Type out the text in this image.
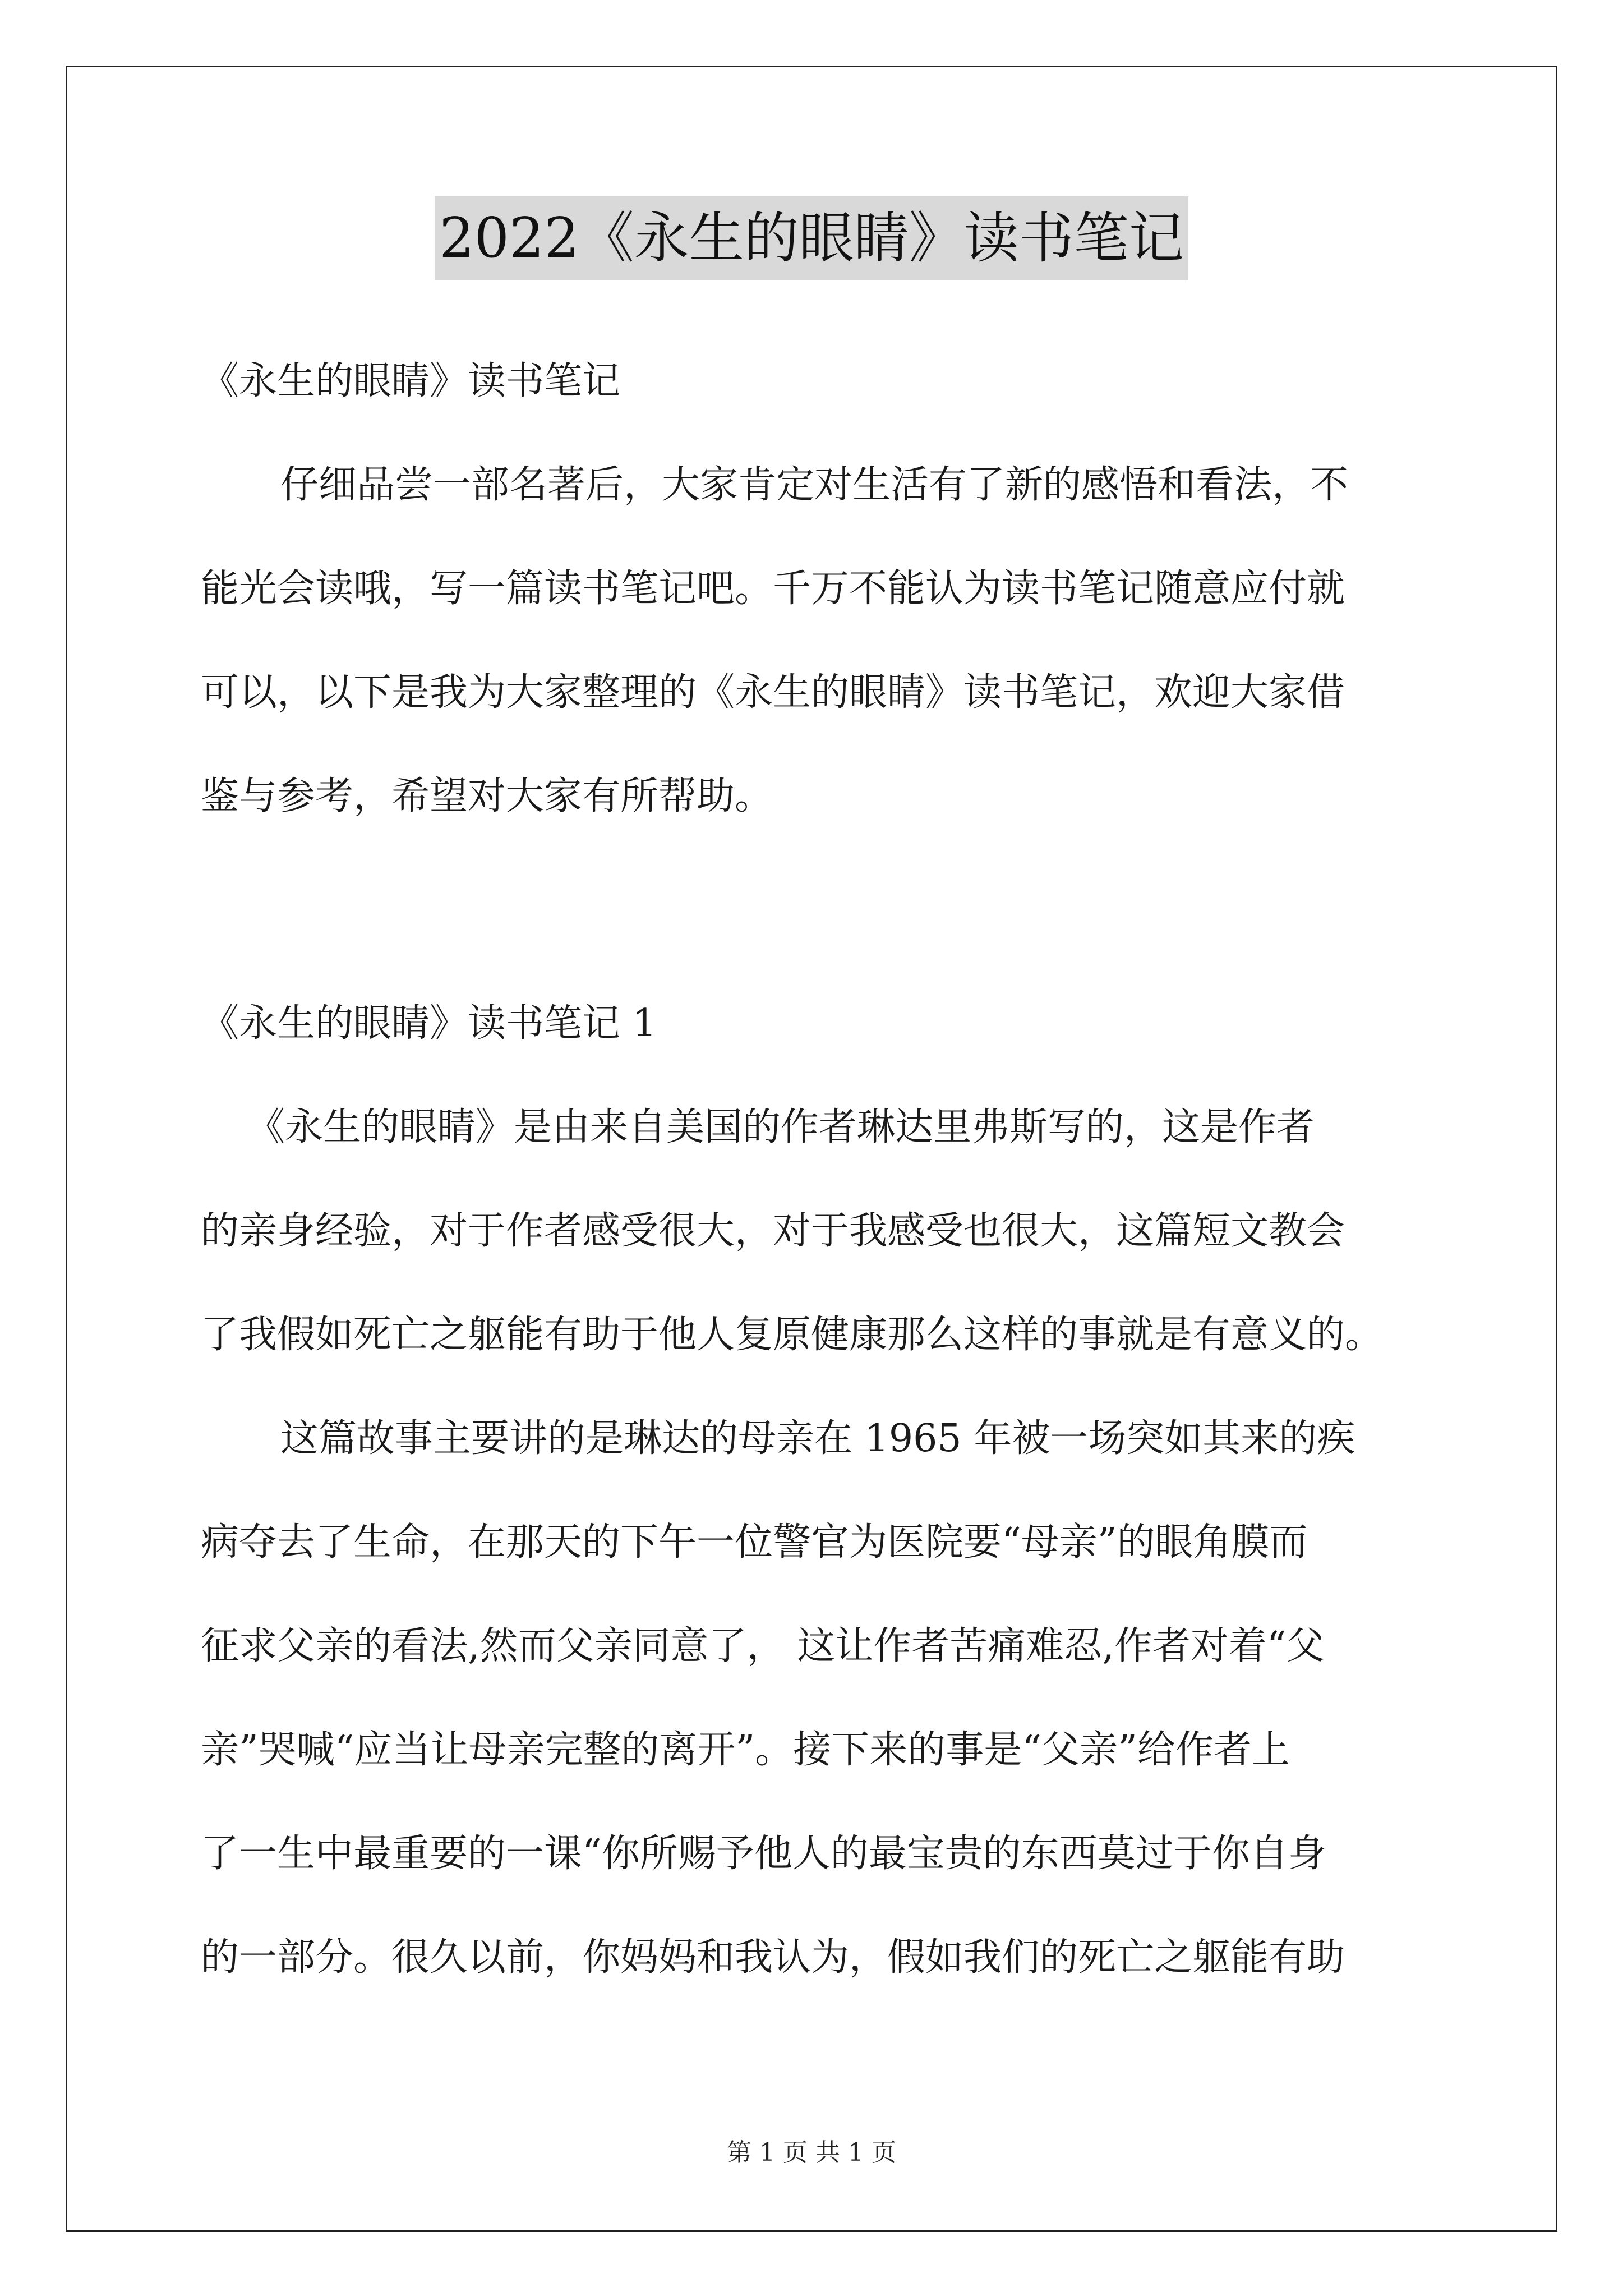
2022《永生的眼睛》读书笔记
《永生的眼睛》读书笔记
仔细品尝一部名著后，大家肯定对生活有了新的感悟和看法，不
能光会读哦，写一篇读书笔记吧。千万不能认为读书笔记随意应付就
可以，以下是我为大家整理的《永生的眼睛》读书笔记，欢迎大家借
鉴与参考，希望对大家有所帮助。
《永生的眼睛》读书笔记 1
《永生的眼睛》是由来自美国的作者琳达里弗斯写的，这是作者
的亲身经验，对于作者感受很大，对于我感受也很大，这篇短文教会
了我假如死亡之躯能有助于他人复原健康那么这样的事就是有意义的。
这篇故事主要讲的是琳达的母亲在 1965 年被一场突如其来的疾
病夺去了生命，在那天的下午一位警官为医院要“母亲”的眼角膜而
征求父亲的看法,然而父亲同意了， 这让作者苦痛难忍,作者对着“父
亲”哭喊“应当让母亲完整的离开”。接下来的事是“父亲”给作者上
了一生中最重要的一课“你所赐予他人的最宝贵的东西莫过于你自身
的一部分。很久以前，你妈妈和我认为，假如我们的死亡之躯能有助
第 1 页 共 1 页
